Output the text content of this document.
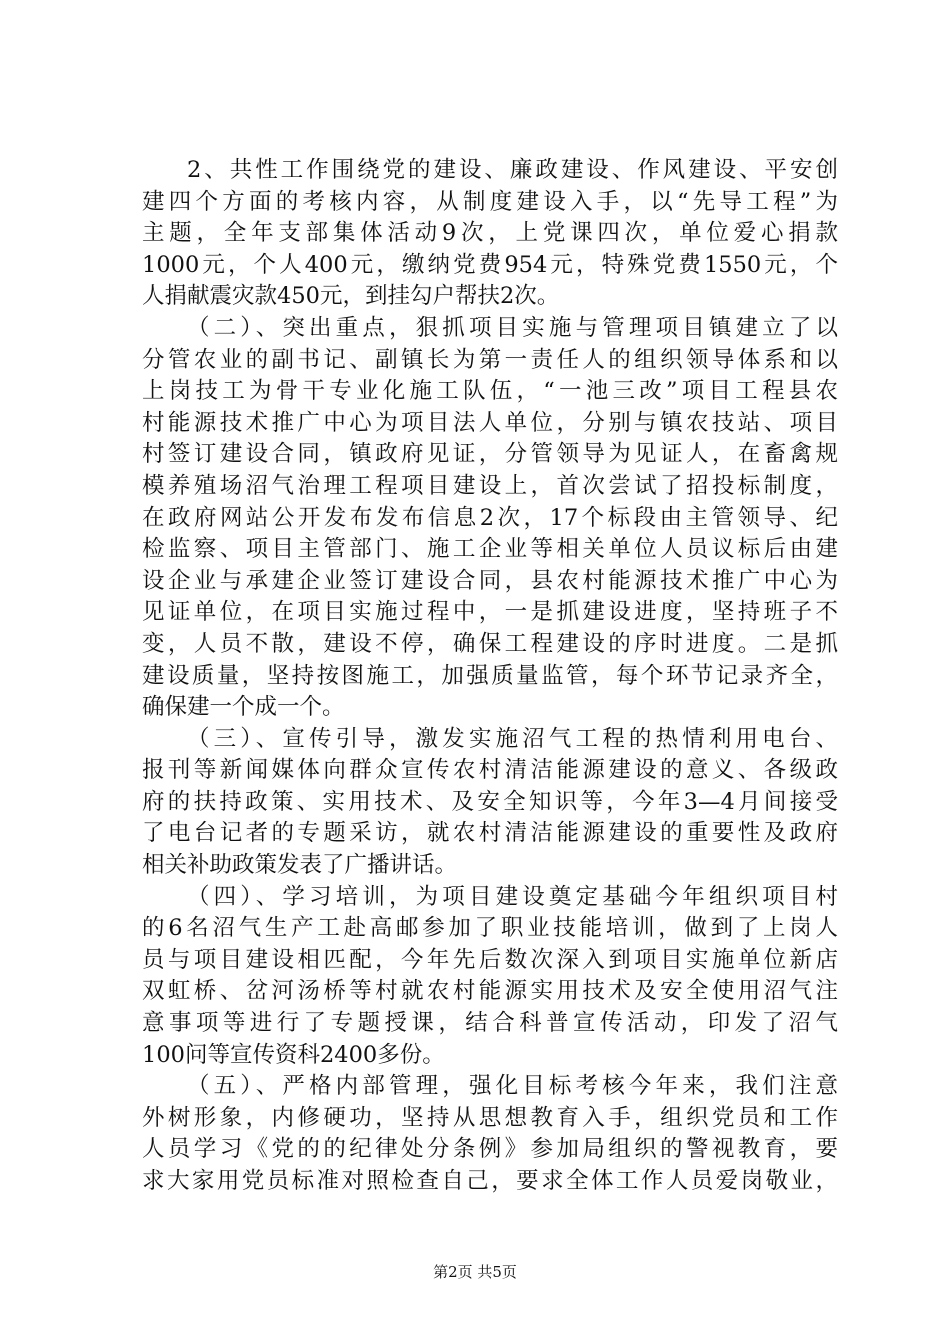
2、共性工作围绕党的建设、廉政建设、作风建设、平安创
建四个方面的考核内容，从制度建设入手，以“先导工程”为
主题，全年支部集体活动9次，上党课四次，单位爱心捐款
1000元，个人400元，缴纳党费954元，特殊党费1550元，个
人捐献震灾款450元，到挂勾户帮扶2次。
（二）、突出重点，狠抓项目实施与管理项目镇建立了以
分管农业的副书记、副镇长为第一责任人的组织领导体系和以
上岗技工为骨干专业化施工队伍，“一池三改”项目工程县农
村能源技术推广中心为项目法人单位，分别与镇农技站、项目
村签订建设合同，镇政府见证，分管领导为见证人，在畜禽规
模养殖场沼气治理工程项目建设上，首次尝试了招投标制度，
在政府网站公开发布发布信息2次，17个标段由主管领导、纪
检监察、项目主管部门、施工企业等相关单位人员议标后由建
设企业与承建企业签订建设合同，县农村能源技术推广中心为
见证单位，在项目实施过程中，一是抓建设进度，坚持班子不
变，人员不散，建设不停，确保工程建设的序时进度。二是抓
建设质量，坚持按图施工，加强质量监管，每个环节记录齐全，
确保建一个成一个。
（三）、宣传引导，激发实施沼气工程的热情利用电台、
报刊等新闻媒体向群众宣传农村清洁能源建设的意义、各级政
府的扶持政策、实用技术、及安全知识等，今年3—4月间接受
了电台记者的专题采访，就农村清洁能源建设的重要性及政府
相关补助政策发表了广播讲话。
（四）、学习培训，为项目建设奠定基础今年组织项目村
的6名沼气生产工赴高邮参加了职业技能培训，做到了上岗人
员与项目建设相匹配，今年先后数次深入到项目实施单位新店
双虹桥、岔河汤桥等村就农村能源实用技术及安全使用沼气注
意事项等进行了专题授课，结合科普宣传活动，印发了沼气
100问等宣传资科2400多份。
（五）、严格内部管理，强化目标考核今年来，我们注意
外树形象，内修硬功，坚持从思想教育入手，组织党员和工作
人员学习《党的的纪律处分条例》参加局组织的警视教育，要
求大家用党员标准对照检查自己，要求全体工作人员爱岗敬业，
第2页 共5页
